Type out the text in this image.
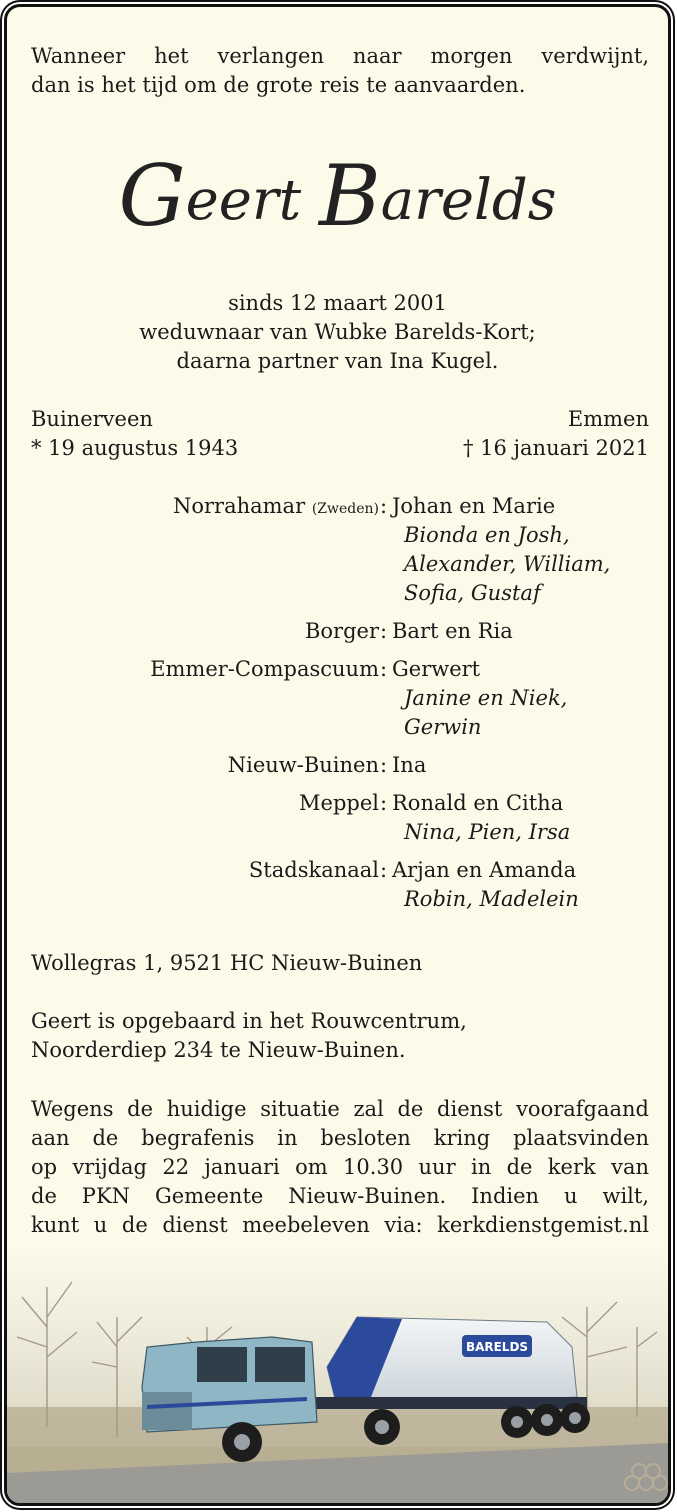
Wanneer het verlangen naar morgen verdwijnt,
dan is het tijd om de grote reis te aanvaarden.
Geert Barelds
sinds 12 maart 2001
weduwnaar van Wubke Barelds-Kort;
daarna partner van Ina Kugel.
Buinerveen
* 19 augustus 1943
Emmen
† 16 januari 2021
Norrahamar (Zweden) : Johan en Marie
Bionda en Josh,
Alexander, William,
Sofia, Gustaf
Borger : Bart en Ria
Emmer-Compascuum : Gerwert
Janine en Niek,
Gerwin
Nieuw-Buinen : Ina
Meppel : Ronald en Citha
Nina, Pien, Irsa
Stadskanaal : Arjan en Amanda
Robin, Madelein
Wollegras 1, 9521 HC Nieuw-Buinen
Geert is opgebaard in het Rouwcentrum,
Noorderdiep 234 te Nieuw-Buinen.
Wegens de huidige situatie zal de dienst voorafgaand
aan de begrafenis in besloten kring plaatsvinden
op vrijdag 22 januari om 10.30 uur in de kerk van
de PKN Gemeente Nieuw-Buinen. Indien u wilt,
kunt u de dienst meebeleven via: kerkdienstgemist.nl
BARELDS
